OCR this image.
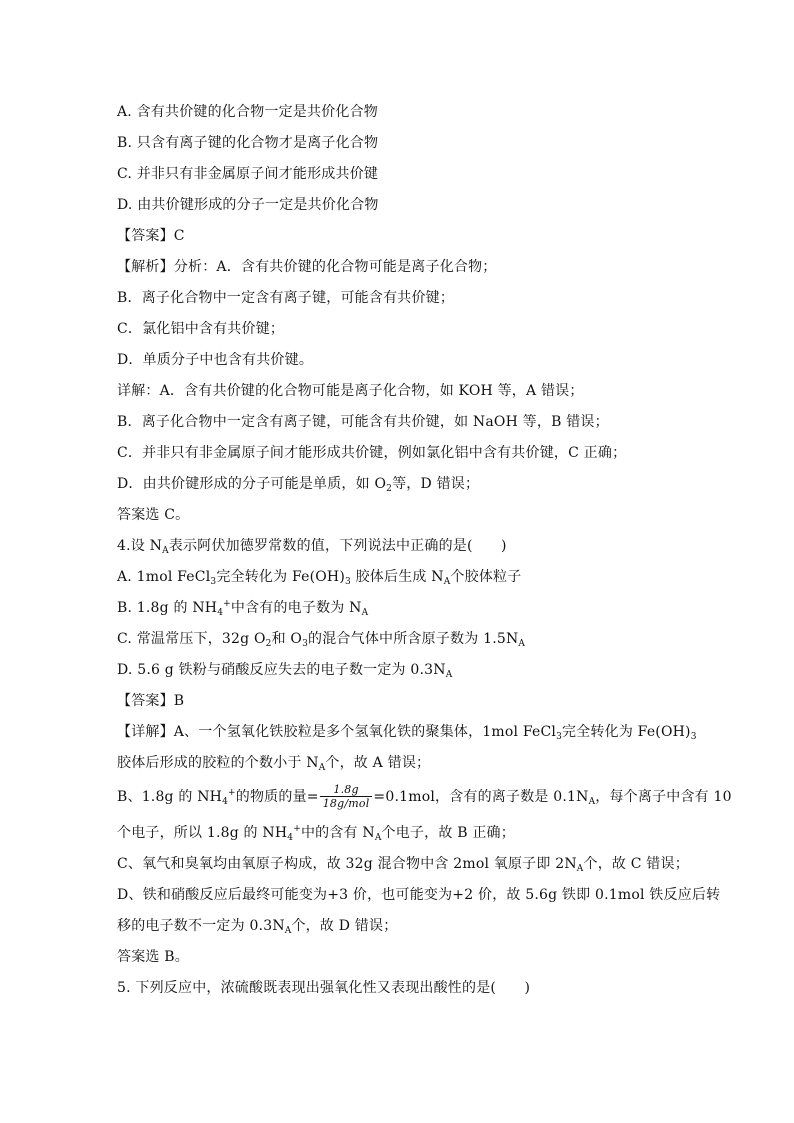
A. 含有共价键的化合物一定是共价化合物
B. 只含有离子键的化合物才是离子化合物
C. 并非只有非金属原子间才能形成共价键
D. 由共价键形成的分子一定是共价化合物
【答案】C
【解析】分析：A．含有共价键的化合物可能是离子化合物；
B．离子化合物中一定含有离子键，可能含有共价键；
C．氯化铝中含有共价键；
D．单质分子中也含有共价键。
详解：A．含有共价键的化合物可能是离子化合物，如 KOH 等，A 错误；
B．离子化合物中一定含有离子键，可能含有共价键，如 NaOH 等，B 错误；
C．并非只有非金属原子间才能形成共价键，例如氯化铝中含有共价键，C 正确；
D．由共价键形成的分子可能是单质，如 $O_2$等，D 错误；
答案选 C。
4.设 $N_A$表示阿伏加德罗常数的值，下列说法中正确的是(　　)
A. 1mol FeCl$_3$完全转化为 $Fe(OH)_3$ 胶体后生成 $N_A$个胶体粒子
B. 1.8g 的 $NH_4^+$中含有的电子数为 $N_A$
C. 常温常压下，32g $O_2$和 $O_3$的混合气体中所含原子数为 $1.5N_A$
D. 5.6 g 铁粉与硝酸反应失去的电子数一定为 $0.3N_A$
【答案】B
【详解】A、一个氢氧化铁胶粒是多个氢氧化铁的聚集体，1mol FeCl$_3$完全转化为 $Fe(OH)_3$
胶体后形成的胶粒的个数小于 $N_A$个，故 A 错误；
B、1.8g 的 $NH_4^+$的物质的量= $\frac{1.8g}{\text{18g/mol}} =0.1mol$，含有的离子数是 $0.1N_A$，每个离子中含有 10
个电子，所以 1.8g 的 $NH_4^+$中的含有 $N_A$个电子，故 B 正确；
C、氧气和臭氧均由氧原子构成，故 32g 混合物中含 2mol 氧原子即 $2N_A$个，故 C 错误；
D、铁和硝酸反应后最终可能变为+3 价，也可能变为+2 价，故 5.6g 铁即 0.1mol 铁反应后转
移的电子数不一定为 $0.3N_A$个，故 D 错误；
答案选 B。
5. 下列反应中，浓硫酸既表现出强氧化性又表现出酸性的是(　　)
